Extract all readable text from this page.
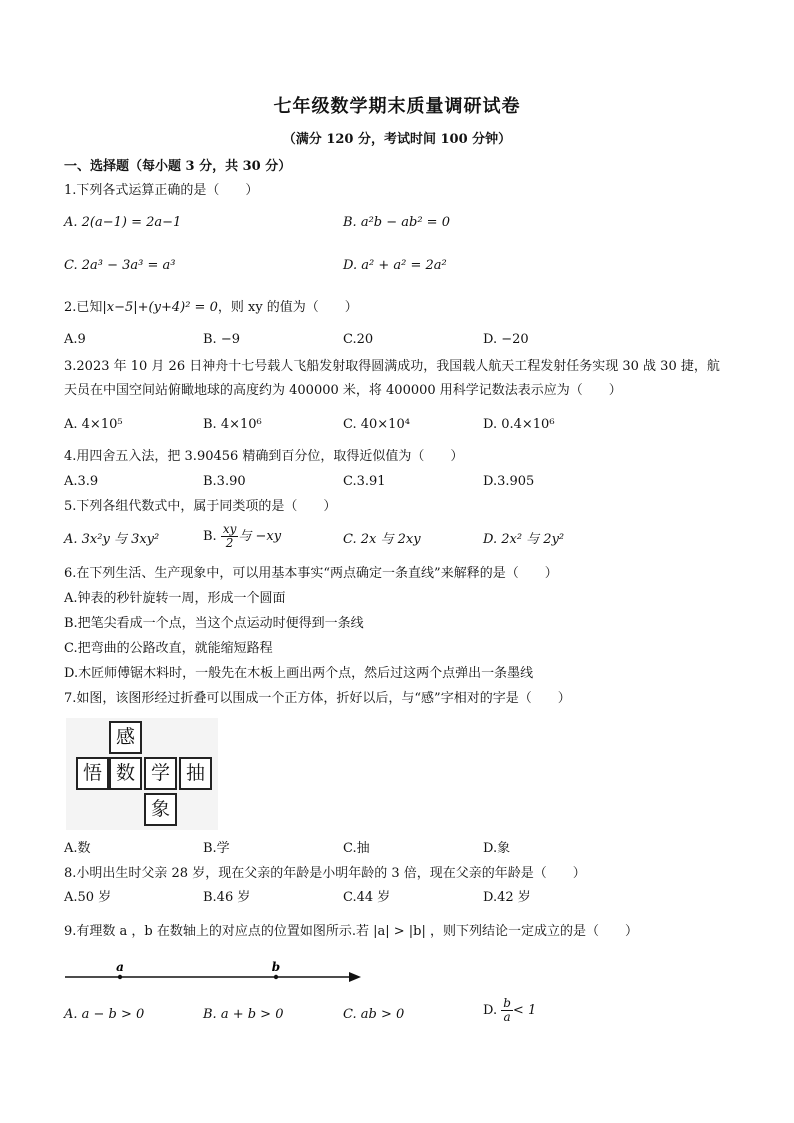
七年级数学期末质量调研试卷
（满分 120 分，考试时间 100 分钟）
一、选择题（每小题 3 分，共 30 分）
1.下列各式运算正确的是（　　）
A. 2(a−1) = 2a−1	B. a²b − ab² = 0
C. 2a³ − 3a³ = a³	D. a² + a² = 2a²
2.已知|x−5|+(y+4)² = 0，则 xy 的值为（　　）
A.9	B. −9	C.20	D. −20
3.2023 年 10 月 26 日神舟十七号载人飞船发射取得圆满成功，我国载人航天工程发射任务实现 30 战 30 捷，航
天员在中国空间站俯瞰地球的高度约为 400000 米，将 400000 用科学记数法表示应为（　　）
A. 4×10⁵	B. 4×10⁶	C. 40×10⁴	D. 0.4×10⁶
4.用四舍五入法，把 3.90456 精确到百分位，取得近似值为（　　）
A.3.9	B.3.90	C.3.91	D.3.905
5.下列各组代数式中，属于同类项的是（　　）
A. 3x²y 与 3xy²	B. $\frac{xy}{2}$ 与 −xy	C. 2x 与 2xy	D. 2x² 与 2y²
6.在下列生活、生产现象中，可以用基本事实“两点确定一条直线”来解释的是（　　）
A.钟表的秒针旋转一周，形成一个圆面
B.把笔尖看成一个点，当这个点运动时便得到一条线
C.把弯曲的公路改直，就能缩短路程
D.木匠师傅锯木料时，一般先在木板上画出两个点，然后过这两个点弹出一条墨线
7.如图，该图形经过折叠可以围成一个正方体，折好以后，与“感”字相对的字是（　　）
感
悟 数 学 抽
象
A.数	B.学	C.抽	D.象
8.小明出生时父亲 28 岁，现在父亲的年龄是小明年龄的 3 倍，现在父亲的年龄是（　　）
A.50 岁	B.46 岁	C.44 岁	D.42 岁
9.有理数 a ，b 在数轴上的对应点的位置如图所示.若 |a| > |b| ，则下列结论一定成立的是（　　）
a	b
A. a − b > 0	B. a + b > 0	C. ab > 0	D. $\frac{b}{a} < 1$
